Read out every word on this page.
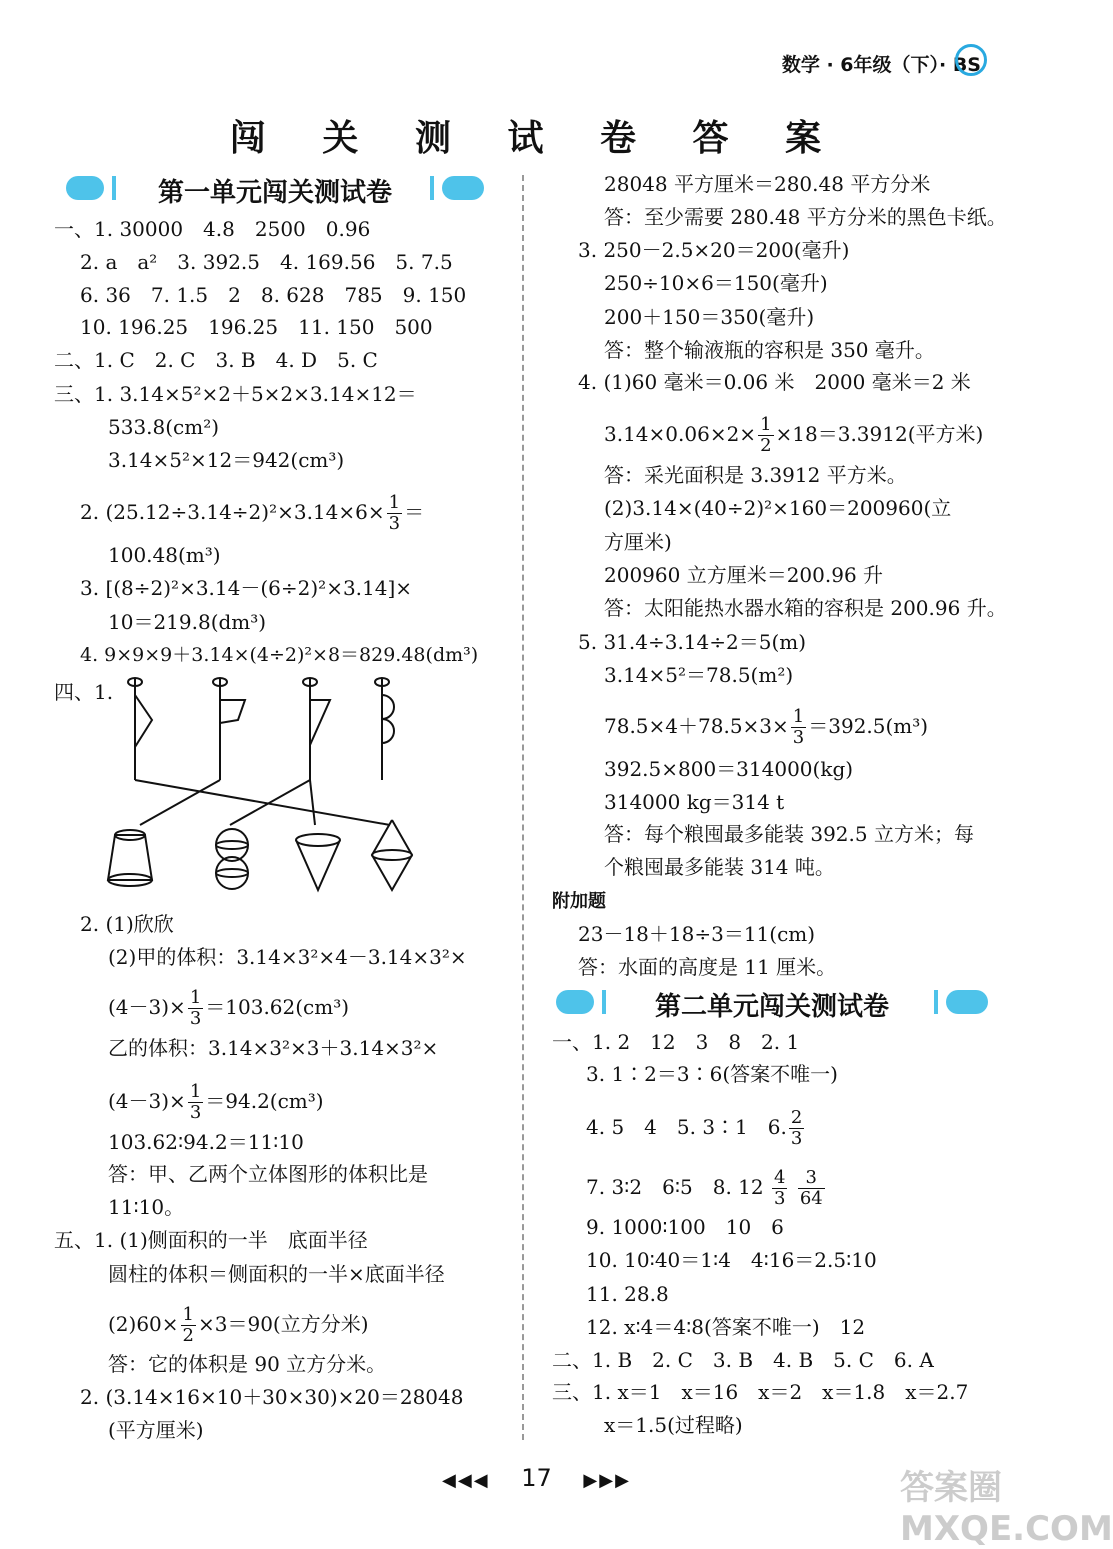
数学 · 6年级（下）· BS
闯 关 测 试 卷 答 案
第一单元闯关测试卷
一、1. 30000　4.8　2500　0.96
2. a　a²　3. 392.5　4. 169.56　5. 7.5
6. 36　7. 1.5　2　8. 628　785　9. 150
10. 196.25　196.25　11. 150　500
二、1. C　2. C　3. B　4. D　5. C
三、1. 3.14×5²×2＋5×2×3.14×12＝
533.8(cm²)
3.14×5²×12＝942(cm³)
2. $(25.12\div 3.14\div 2)^2\times 3.14\times 6\times \frac{1}{3}$ ＝
100.48(m³)
3. [(8÷2)²×3.14－(6÷2)²×3.14]×
10＝219.8(dm³)
4. 9×9×9＋3.14×(4÷2)²×8＝829.48(dm³)
四、1.
2. (1)欣欣
(2)甲的体积：3.14×3²×4－3.14×3²×
$(4-3)\times \frac{1}{3} =103.62(cm^3)$
乙的体积：3.14×3²×3＋3.14×3²×
$(4-3)\times \frac{1}{3} =94.2(cm^3)$
103.62∶94.2＝11∶10
答：甲、乙两个立体图形的体积比是
11∶10。
五、1. (1)侧面积的一半　底面半径
圆柱的体积＝侧面积的一半×底面半径
$(2)60\times \frac{1}{2} \times 3=90$(立方分米)
答：它的体积是 90 立方分米。
2. (3.14×16×10＋30×30)×20＝28048
(平方厘米)
28048 平方厘米＝280.48 平方分米
答：至少需要 280.48 平方分米的黑色卡纸。
3. 250－2.5×20＝200(毫升)
250÷10×6＝150(毫升)
200＋150＝350(毫升)
答：整个输液瓶的容积是 350 毫升。
4. (1)60 毫米＝0.06 米　2000 毫米＝2 米
$3.14\times 0.06\times 2\times \frac{1}{2} \times 18=3.3912$(平方米)
答：采光面积是 3.3912 平方米。
(2)3.14×(40÷2)²×160＝200960(立
方厘米)
200960 立方厘米＝200.96 升
答：太阳能热水器水箱的容积是 200.96 升。
5. 31.4÷3.14÷2＝5(m)
3.14×5²＝78.5(m²)
$78.5\times 4+78.5\times 3\times \frac{1}{3} =392.5(m^3)$
392.5×800＝314000(kg)
314000 kg＝314 t
答：每个粮囤最多能装 392.5 立方米；每
个粮囤最多能装 314 吨。
附加题
23－18＋18÷3＝11(cm)
答：水面的高度是 11 厘米。
第二单元闯关测试卷
一、1. 2　12　3　8　2. 1
3. 1∶2＝3∶6(答案不唯一)
4. 5　4　5. 3∶1　6. $\frac{2}{3}$
7. 3∶2　6∶5　8. $12 \frac{4}{3}$
$\frac{3}{64}$
9. 1000∶100　10　6
10. 10∶40＝1∶4　4∶16＝2.5∶10
11. 28.8
12. x∶4＝4∶8(答案不唯一)　12
二、1. B　2. C　3. B　4. B　5. C　6. A
三、1. x＝1　x＝16　x＝2　x＝1.8　x＝2.7
x＝1.5(过程略)
◀◀◀ 17 ▶▶▶	答案圈 MXQE.COM
